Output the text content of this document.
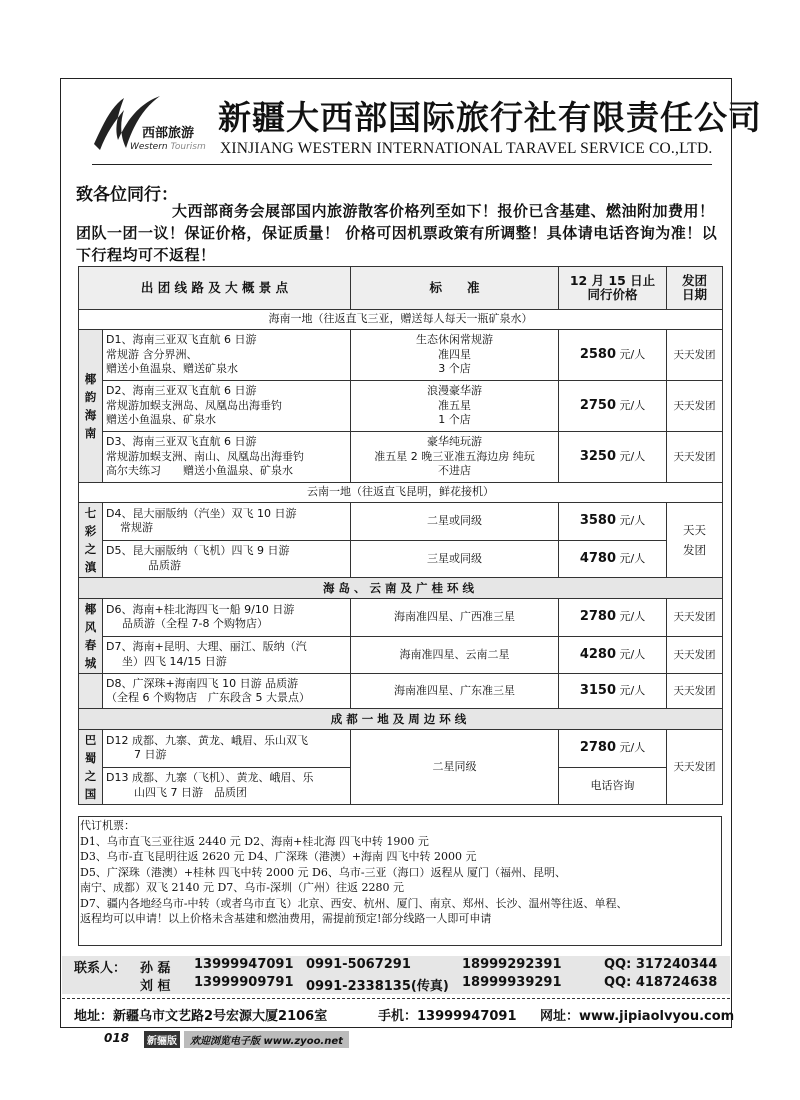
西部旅游
Western Tourism
新疆大西部国际旅行社有限责任公司
XINJIANG WESTERN INTERNATIONAL TARAVEL SERVICE CO.,LTD.
致各位同行：
大西部商务会展部国内旅游散客价格列至如下！报价已含基建、燃油附加费用！团队一团一议！保证价格，保证质量！ 价格可因机票政策有所调整！具体请电话咨询为准！以下行程均可不返程！
出 团 线 路 及 大 概 景 点		标　　准	12 月 15 日止
同行价格	发团
日期
海南一地（往返直飞三亚，赠送每人每天一瓶矿泉水）				
椰
韵
海
南	D1、海南三亚双飞直航 6 日游
常规游 含分界洲、
赠送小鱼温泉、赠送矿泉水	生态休闲常规游
准四星
3 个店	2580 元/人	天天发团
	D2、海南三亚双飞直航 6 日游
常规游加蜈支洲岛、凤凰岛出海垂钓
赠送小鱼温泉、矿泉水	浪漫豪华游
准五星
1 个店	2750 元/人	天天发团
	D3、海南三亚双飞直航 6 日游
常规游加蜈支洲、南山、凤凰岛出海垂钓
高尔夫练习　　赠送小鱼温泉、矿泉水	豪华纯玩游
准五星 2 晚三亚准五海边房 纯玩
不进店	3250 元/人	天天发团
云南一地（往返直飞昆明，鲜花接机）				
七
彩
之
滇	D4、昆大丽版纳（汽坐）双飞 10 日游
常规游	二星或同级	3580 元/人	天天
发团
	D5、昆大丽版纳（飞机）四飞 9 日游
品质游	三星或同级	4780 元/人	
海岛、云南及广桂环线				
椰
风
春
城	D6、海南+桂北海四飞一船 9/10 日游
品质游（全程 7-8 个购物店）	海南准四星、广西准三星	2780 元/人	天天发团
	D7、海南+昆明、大理、丽江、版纳（汽
坐）四飞 14/15 日游	海南准四星、云南二星	4280 元/人	天天发团
	D8、广深珠+海南四飞 10 日游 品质游
（全程 6 个购物店　广东段含 5 大景点）	海南准四星、广东准三星	3150 元/人	天天发团
成都一地及周边环线				
巴
蜀
之
国	D12 成都、九寨、黄龙、峨眉、乐山双飞
7 日游	二星同级	2780 元/人	天天发团
	D13 成都、九寨（飞机）、黄龙、峨眉、乐
山四飞 7 日游　品质团		电话咨询	
代订机票：
D1、乌市直飞三亚往返 2440 元 D2、海南+桂北海 四飞中转 1900 元
D3、乌市-直飞昆明往返 2620 元 D4、广深珠（港澳）+海南 四飞中转 2000 元
D5、广深珠（港澳）+桂林 四飞中转 2000 元 D6、乌市-三亚（海口）返程从 厦门（福州、昆明、
南宁、成都）双飞 2140 元 D7、乌市-深圳（广州）往返 2280 元
D7、疆内各地经乌市-中转（或者乌市直飞）北京、西安、杭州、厦门、南京、郑州、长沙、温州等往返、单程、
返程均可以申请！以上价格未含基建和燃油费用，需提前预定!部分线路一人即可申请
联系人： 孙 磊 13999947091 0991-5067291	18999292391	QQ: 317240344
刘 桓 13999909791 0991-2338135(传真) 18999939291	QQ: 418724638
地址：新疆乌市文艺路2号宏源大厦2106室	手机：13999947091 网址：www.jipiaolvyou.com
018	新骊版	欢迎浏览电子版 www.zyoo.net
